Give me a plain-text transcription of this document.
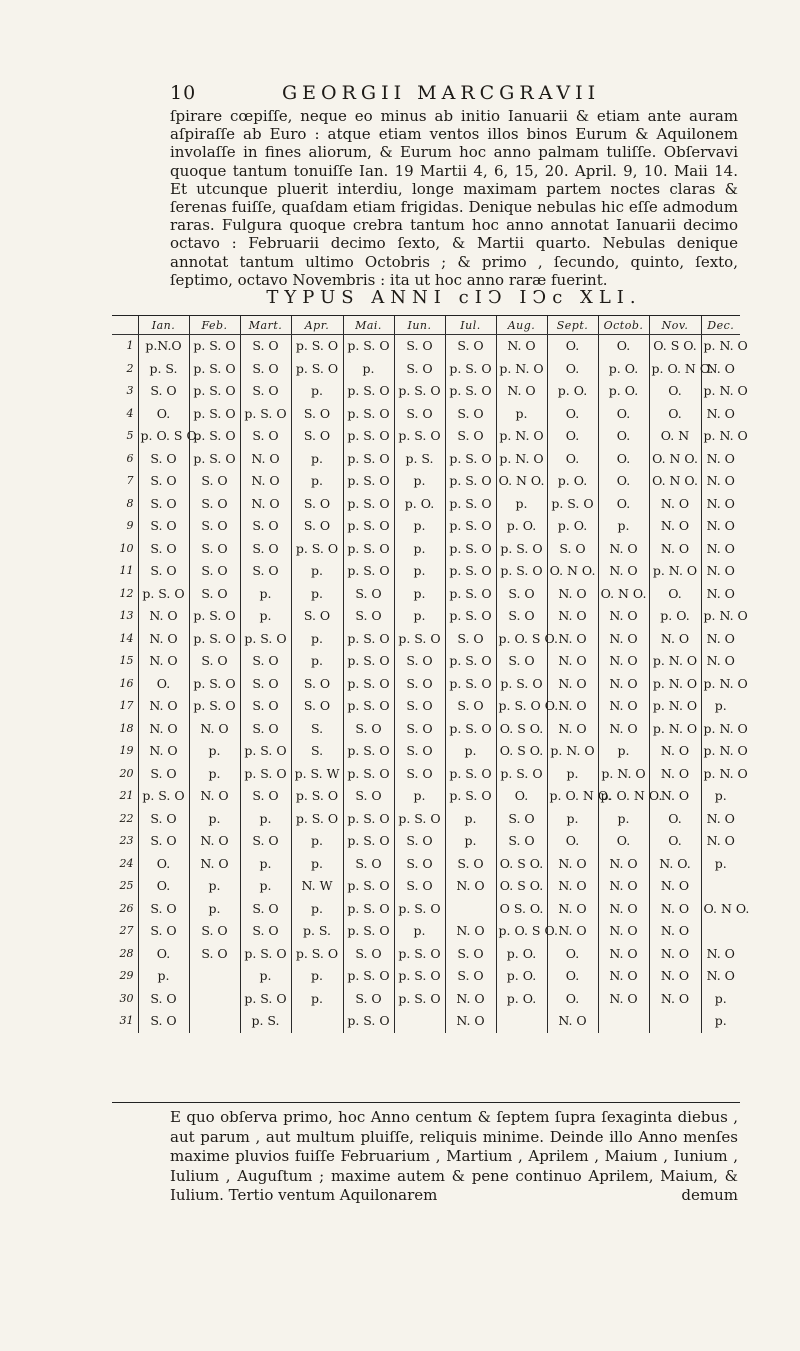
10	GEORGII MARCGRAVII

ſpirare cœpiſſe, neque eo minus ab initio Ianuarii & etiam ante auram aſpiraſſe ab Euro : atque etiam ventos illos binos Eurum & Aquilonem involaſſe in fines aliorum, & Eurum hoc anno palmam tuliſſe. Obſervavi quoque tantum tonuiſſe Ian. 19 Martii 4, 6, 15, 20. April. 9, 10. Maii 14. Et utcunque pluerit interdiu, longe maximam partem noctes claras & ſerenas fuiſſe, quaſdam etiam frigidas. Denique nebulas hic eſſe admodum raras. Fulgura quoque crebra tantum hoc anno annotat Ianuarii decimo octavo : Februarii decimo ſexto, & Martii quarto. Nebulas denique annotat tantum ultimo Octobris ; & primo , ſecundo, quinto, ſexto, ſeptimo, octavo Novembris : ita ut hoc anno raræ fuerint.

TYPUS ANNI cIↃ IↃc XLI.
	Ian.	Feb.	Mart.	Apr.	Mai.	Iun.	Iul.	Aug.	Sept.	Octob.	Nov.	Dec.
1	p.N.O	p. S. O	S. O	p. S. O	p. S. O	S. O	S. O	N. O	O.	O.	O. S O.	p. N. O
2	p. S.	p. S. O	S. O	p. S. O	p.	S. O	p. S. O	p. N. O	O.	p. O.	p. O. N O.	N. O
3	S. O	p. S. O	S. O	p.	p. S. O	p. S. O	p. S. O	N. O	p. O.	p. O.	O.	p. N. O
4	O.	p. S. O	p. S. O	S. O	p. S. O	S. O	S. O	p.	O.	O.	O.	N. O
5	p. O. S O.	p. S. O	S. O	S. O	p. S. O	p. S. O	S. O	p. N. O	O.	O.	O. N	p. N. O
6	S. O	p. S. O	N. O	p.	p. S. O	p. S.	p. S. O	p. N. O	O.	O.	O. N O.	N. O
7	S. O	S. O	N. O	p.	p. S. O	p.	p. S. O	O. N O.	p. O.	O.	O. N O.	N. O
8	S. O	S. O	N. O	S. O	p. S. O	p. O.	p. S. O	p.	p. S. O	O.	N. O	N. O
9	S. O	S. O	S. O	S. O	p. S. O	p.	p. S. O	p. O.	p. O.	p.	N. O	N. O
10	S. O	S. O	S. O	p. S. O	p. S. O	p.	p. S. O	p. S. O	S. O	N. O	N. O	N. O
11	S. O	S. O	S. O	p.	p. S. O	p.	p. S. O	p. S. O	O. N O.	N. O	p. N. O	N. O
12	p. S. O	S. O	p.	p.	S. O	p.	p. S. O	S. O	N. O	O. N O.	O.	N. O
13	N. O	p. S. O	p.	S. O	S. O	p.	p. S. O	S. O	N. O	N. O	p. O.	p. N. O
14	N. O	p. S. O	p. S. O	p.	p. S. O	p. S. O	S. O	p. O. S O.	N. O	N. O	N. O	N. O
15	N. O	S. O	S. O	p.	p. S. O	S. O	p. S. O	S. O	N. O	N. O	p. N. O	N. O
16	O.	p. S. O	S. O	S. O	p. S. O	S. O	p. S. O	p. S. O	N. O	N. O	p. N. O	p. N. O
17	N. O	p. S. O	S. O	S. O	p. S. O	S. O	S. O	p. S. O O.	N. O	N. O	p. N. O	p.
18	N. O	N. O	S. O	S.	S. O	S. O	p. S. O	O. S O.	N. O	N. O	p. N. O	p. N. O
19	N. O	p.	p. S. O	S.	p. S. O	S. O	p.	O. S O.	p. N. O	p.	N. O	p. N. O
20	S. O	p.	p. S. O	p. S. W	p. S. O	S. O	p. S. O	p. S. O	p.	p. N. O	N. O	p. N. O
21	p. S. O	N. O	S. O	p. S. O	S. O	p.	p. S. O	O.	p. O. N O.	p. O. N O.	N. O	p.
22	S. O	p.	p.	p. S. O	p. S. O	p. S. O	p.	S. O	p.	p.	O.	N. O
23	S. O	N. O	S. O	p.	p. S. O	S. O	p.	S. O	O.	O.	O.	N. O
24	O.	N. O	p.	p.	S. O	S. O	S. O	O. S O.	N. O	N. O	N. O.	p.
25	O.	p.	p.	N. W	p. S. O	S. O	N. O	O. S O.	N. O	N. O	N. O	
26	S. O	p.	S. O	p.	p. S. O	p. S. O		O S. O.	N. O	N. O	N. O	O. N O.
27	S. O	S. O	S. O	p. S.	p. S. O	p.	N. O	p. O. S O.	N. O	N. O	N. O	
28	O.	S. O	p. S. O	p. S. O	S. O	p. S. O	S. O	p. O.	O.	N. O	N. O	N. O
29	p.		p.	p.	p. S. O	p. S. O	S. O	p. O.	O.	N. O	N. O	N. O
30	S. O		p. S. O	p.	S. O	p. S. O	N. O	p. O.	O.	N. O	N. O	p.
31	S. O		p. S.		p. S. O		N. O		N. O			p.

E quo obſerva primo, hoc Anno centum & ſeptem ſupra ſexaginta diebus , aut parum , aut multum pluiſſe, reliquis minime. Deinde illo Anno menſes maxime pluvios fuiſſe Februarium , Martium , Aprilem , Maium , Iunium , Iulium , Auguſtum ; maxime autem & pene continuo Aprilem, Maium, & Iulium. Tertio ventum Aquilonarem	demum
